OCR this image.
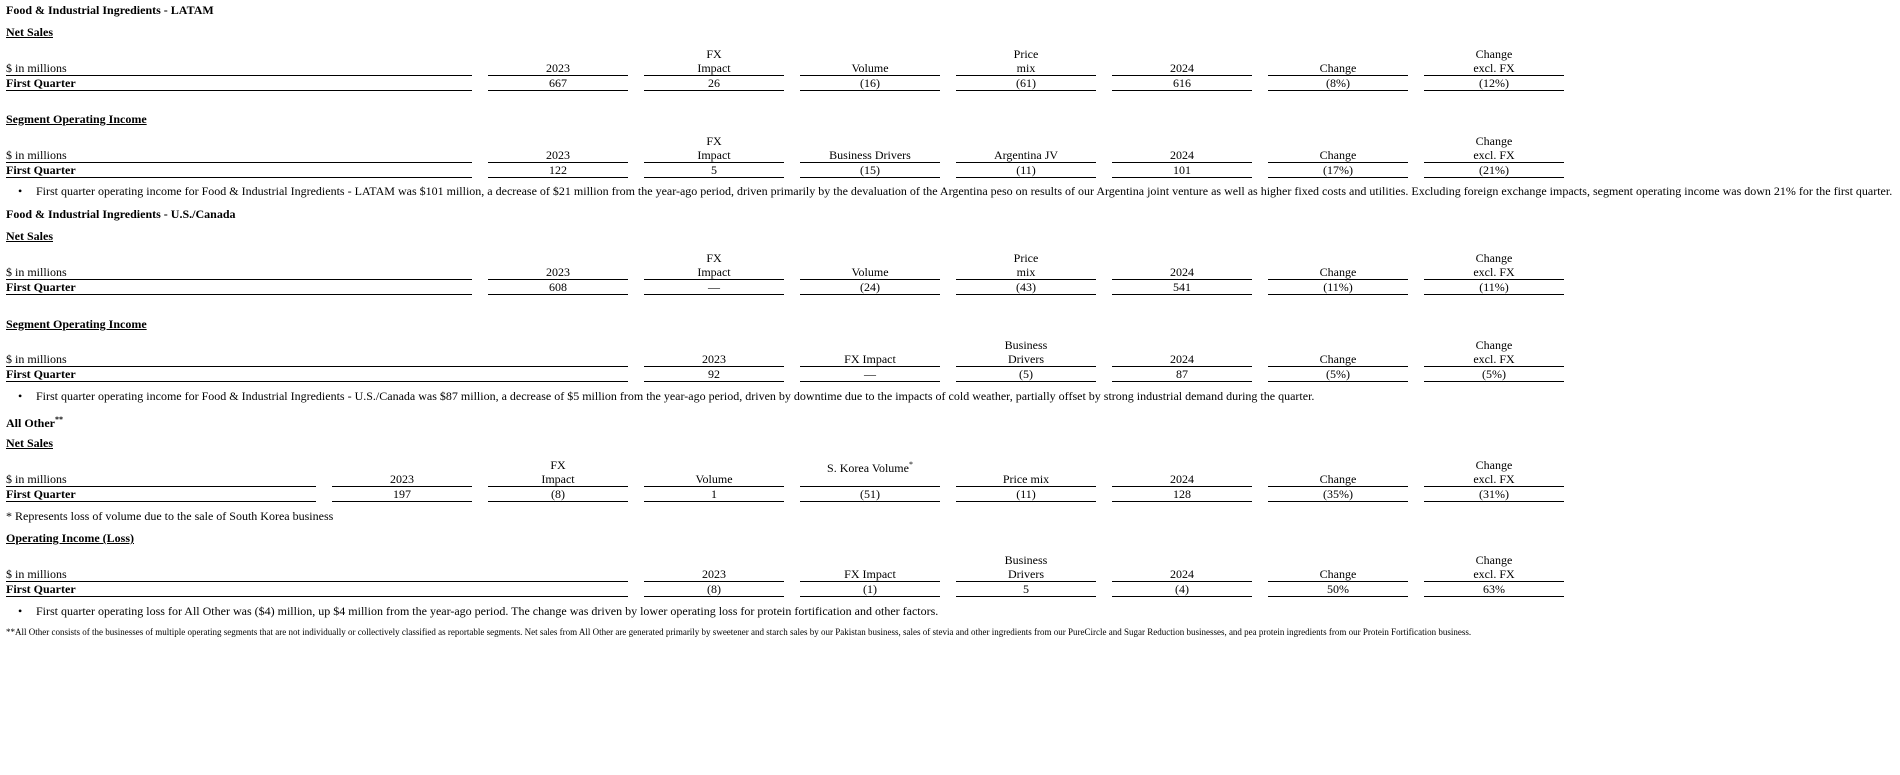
Food & Industrial Ingredients - LATAM
Net Sales
$ in millions
First Quarter
2023
667
FX
Impact
26
Volume
(16)
Price
mix
(61)
2024
616
Change
(8%)
Change
excl. FX
(12%)
Segment Operating Income
$ in millions
First Quarter
2023
122
FX
Impact
5
Business Drivers
(15)
Argentina JV
(11)
2024
101
Change
(17%)
Change
excl. FX
(21%)
• First quarter operating income for Food & Industrial Ingredients - LATAM was $101 million, a decrease of $21 million from the year-ago period, driven primarily by the devaluation of the Argentina peso on results of our Argentina joint venture as well as higher fixed costs and utilities. Excluding foreign exchange impacts, segment operating income was down 21% for the first quarter.
Food & Industrial Ingredients - U.S./Canada
Net Sales
$ in millions
First Quarter
2023
608
FX
Impact
—
Volume
(24)
Price
mix
(43)
2024
541
Change
(11%)
Change
excl. FX
(11%)
Segment Operating Income
$ in millions
First Quarter
2023
92
FX Impact
—
Business
Drivers
(5)
2024
87
Change
(5%)
Change
excl. FX
(5%)
• First quarter operating income for Food & Industrial Ingredients - U.S./Canada was $87 million, a decrease of $5 million from the year-ago period, driven by downtime due to the impacts of cold weather, partially offset by strong industrial demand during the quarter.
All Other**
Net Sales
$ in millions
First Quarter
2023
197
FX
Impact
(8)
Volume
1
S. Korea Volume*
(51)
Price mix
(11)
2024
128
Change
(35%)
Change
excl. FX
(31%)
* Represents loss of volume due to the sale of South Korea business
Operating Income (Loss)
$ in millions
First Quarter
2023
(8)
FX Impact
(1)
Business
Drivers
5
2024
(4)
Change
50%
Change
excl. FX
63%
• First quarter operating loss for All Other was ($4) million, up $4 million from the year-ago period. The change was driven by lower operating loss for protein fortification and other factors.
**All Other consists of the businesses of multiple operating segments that are not individually or collectively classified as reportable segments. Net sales from All Other are generated primarily by sweetener and starch sales by our Pakistan business, sales of stevia and other ingredients from our PureCircle and Sugar Reduction businesses, and pea protein ingredients from our Protein Fortification business.
